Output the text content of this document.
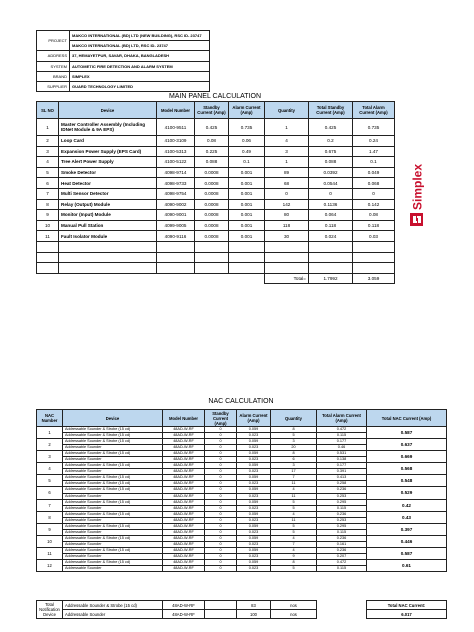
PROJECT	MAKCO INTERNATIONAL (BD) LTD (NEW BUILDING), RSC ID- 23747
	MAKCO INTERNATIONAL (BD) LTD, RSC ID- 23747
ADDRESS	37, HEMAYETPUR, SAVAR, DHAKA, BANGLADESH
SYSTEM	AUTOMETIC FIRE DETECTION AND ALARM SYSTEM
BRAND	SIMPLEX
SUPPLIER	GUARD TECHNOLOGY LIMITED
Simplex
MAIN PANEL CALCULATION
SL NO	Device	Model Number	Standby Current (Amp)	Alarm Current (Amp)	Quantity	Total Standby Current (Amp)	Total Alarm Current (Amp)
1	Master Controller Assembly (Including IDNet Module & 9A EPS)	4100-9511	0.425	0.735	1	0.425	0.735
2	Loop Card	4100-3109	0.08	0.06	4	0.2	0.24
3	Expansion Power Supply (EPS Card)	4100-5313	0.225	0.49	3	0.675	1.47
4	Tree Alert Power Supply	4100-5122	0.088	0.1	1	0.088	0.1
5	Smoke Detector	4098-9714	0.0008	0.001	89	0.0392	0.049
6	Heat Detector	4098-9733	0.0008	0.001	68	0.0544	0.068
7	Multi Sensor Detector	4098-9754	0.0008	0.001	0	0	0
8	Relay (Output) Module	4090-9002	0.0008	0.001	142	0.1136	0.142
9	Monitor (Input) Module	4090-9001	0.0008	0.001	80	0.064	0.08
10	Manual Pull Station	4099-9005	0.0008	0.001	118	0.118	0.118
11	Fault Isolator Module	4090-9116	0.0008	0.001	30	0.024	0.03

					Total=	1.7992	3.059
NAC CALCULATION
NAC Number	Device	Model Number	Standby Current (Amp)	Alarm Current (Amp)	Quantity	Total Alarm Current (Amp)	Total NAC Current (Amp)
1	Addressable Sounder & Strobe (15 cd)	48AD-W-RF	0	0.059	8	0.472	0.587
	Addressable Sounder & Strobe (15 cd)	48AD-W-RF	0	0.023	5	0.115	
2	Addressable Sounder & Strobe (15 cd)	48AD-W-RF	0	0.059	3	0.177	0.637
	Addressable Sounder	48AD-W-RF	0	0.023	20	0.46	
3	Addressable Sounder & Strobe (15 cd)	48AD-W-RF	0	0.059	8	0.531	0.669
	Addressable Sounder	48AD-W-RF	0	0.023	6	0.138	
4	Addressable Sounder & Strobe (15 cd)	48AD-W-RF	0	0.059	3	0.177	0.568
	Addressable Sounder	48AD-W-RF	0	0.023	17	0.391	
5	Addressable Sounder & Strobe (15 cd)	48AD-W-RF	0	0.059	7	0.413	0.548
	Addressable Sounder & Strobe (15 cd)	48AD-W-RF	0	0.023	11	0.258	
6	Addressable Sounder & Strobe (15 cd)	48AD-W-RF	0	0.059	4	0.236	0.529
	Addressable Sounder	48AD-W-RF	0	0.023	11	0.253	
7	Addressable Sounder & Strobe (15 cd)	48AD-W-RF	0	0.059	5	0.295	0.42
	Addressable Sounder	48AD-W-RF	0	0.023	5	0.115	
8	Addressable Sounder & Strobe (15 cd)	48AD-W-RF	0	0.059	4	0.236	0.43
	Addressable Sounder	48AD-W-RF	0	0.023	11	0.253	
9	Addressable Sounder & Strobe (15 cd)	48AD-W-RF	0	0.059	5	0.295	0.397
	Addressable Sounder	48AD-W-RF	0	0.023	5	0.115	
10	Addressable Sounder & Strobe (15 cd)	48AD-W-RF	0	0.059	4	0.236	0.446
	Addressable Sounder	48AD-W-RF	0	0.023	7	0.161	
11	Addressable Sounder & Strobe (15 cd)	48AD-W-RF	0	0.059	4	0.236	0.587
	Addressable Sounder	48AD-W-RF	0	0.023	9	0.207	
12	Addressable Sounder & Strobe (15 cd)	48AD-W-RF	0	0.059	8	0.472	0.61
	Addressable Sounder	48AD-W-RF	0	0.023	5	0.115	
Total Notification Device	Addressable Sounder & Strobe (15 cd)	48AD-W-RF		83	nos		Total NAC Current:
	Addressable Sounder	48AD-W-RF		100	nos		6.017
